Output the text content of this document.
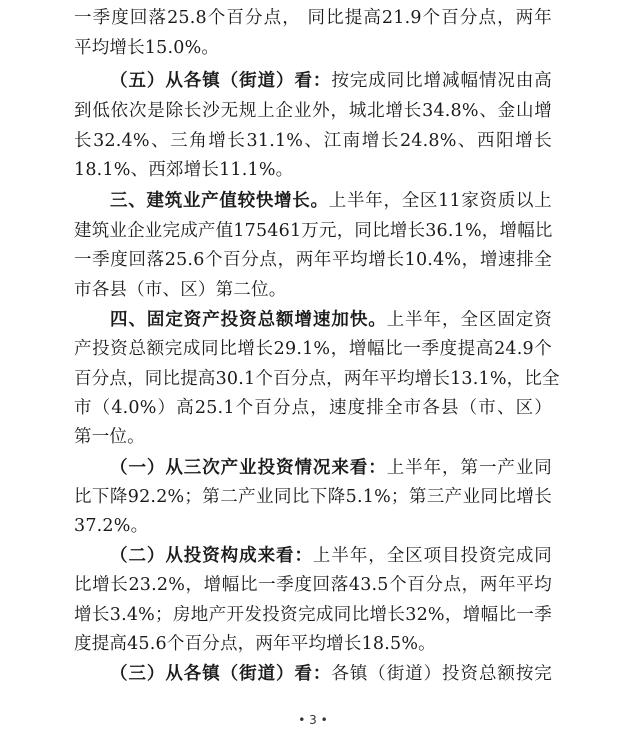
一季度回落25.8个百分点， 同比提高21.9个百分点，两年
平均增长15.0%。
（五）从各镇（街道）看：按完成同比增减幅情况由高
到低依次是除长沙无规上企业外，城北增长34.8%、金山增
长32.4%、三角增长31.1%、江南增长24.8%、西阳增长
18.1%、西郊增长11.1%。
三、建筑业产值较快增长。上半年，全区11家资质以上
建筑业企业完成产值175461万元，同比增长36.1%，增幅比
一季度回落25.6个百分点，两年平均增长10.4%，增速排全
市各县（市、区）第二位。
四、固定资产投资总额增速加快。上半年，全区固定资
产投资总额完成同比增长29.1%，增幅比一季度提高24.9个
百分点，同比提高30.1个百分点，两年平均增长13.1%，比全
市（4.0%）高25.1个百分点，速度排全市各县（市、区）
第一位。
（一）从三次产业投资情况来看：上半年，第一产业同
比下降92.2%；第二产业同比下降5.1%；第三产业同比增长
37.2%。
（二）从投资构成来看：上半年，全区项目投资完成同
比增长23.2%，增幅比一季度回落43.5个百分点，两年平均
增长3.4%；房地产开发投资完成同比增长32%，增幅比一季
度提高45.6个百分点，两年平均增长18.5%。
（三）从各镇（街道）看：各镇（街道）投资总额按完
• 3 •
